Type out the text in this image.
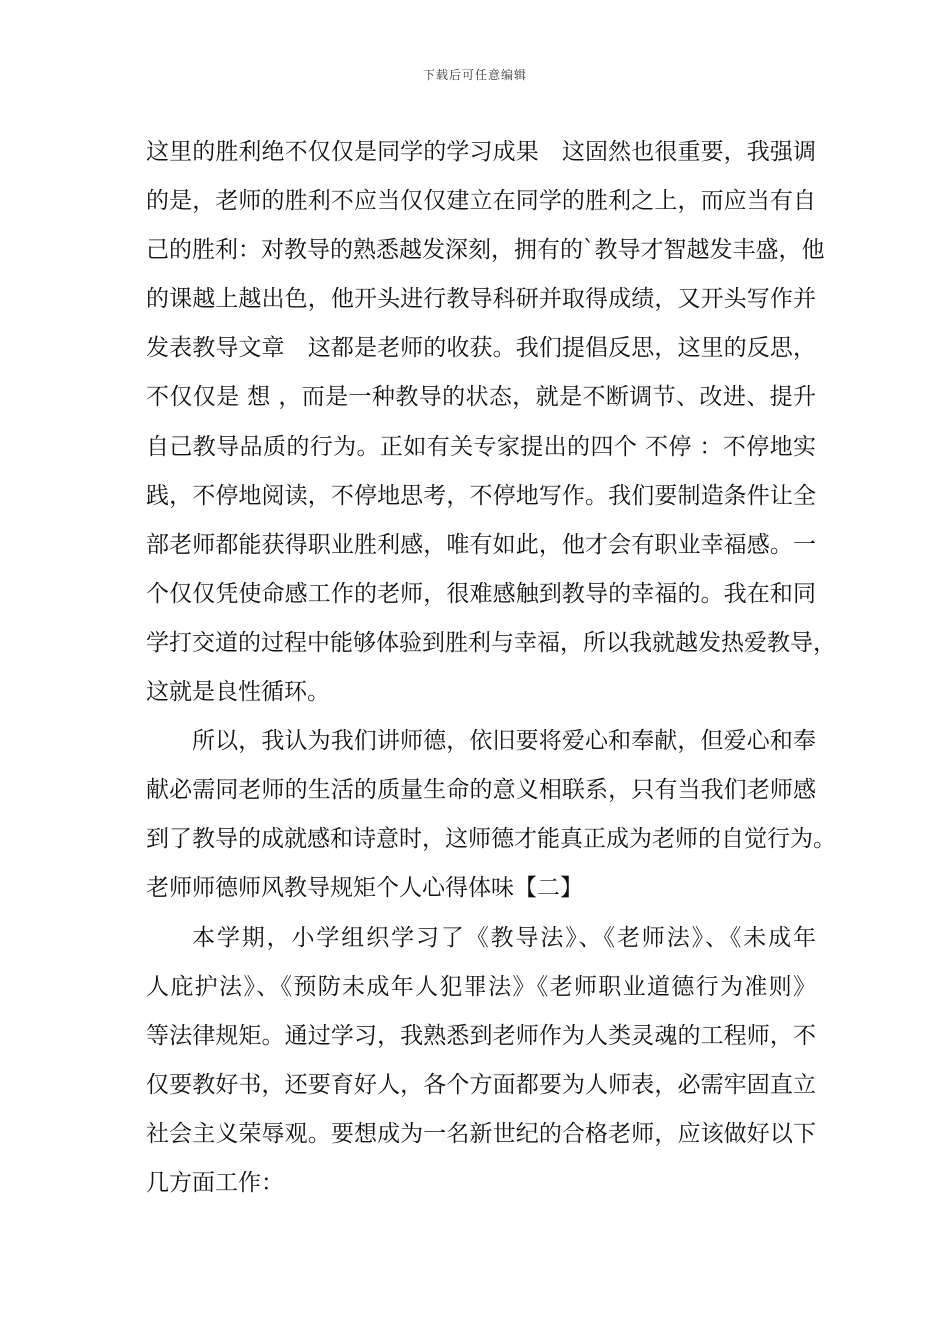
下载后可任意编辑
这里的胜利绝不仅仅是同学的学习成果　这固然也很重要，我强调
的是，老师的胜利不应当仅仅建立在同学的胜利之上，而应当有自
己的胜利：对教导的熟悉越发深刻，拥有的`教导才智越发丰盛，他
的课越上越出色，他开头进行教导科研并取得成绩，又开头写作并
发表教导文章　这都是老师的收获。我们提倡反思，这里的反思，
不仅仅是 想 ，而是一种教导的状态，就是不断调节、改进、提升
自己教导品质的行为。正如有关专家提出的四个 不停 ：不停地实
践，不停地阅读，不停地思考，不停地写作。我们要制造条件让全
部老师都能获得职业胜利感，唯有如此，他才会有职业幸福感。一
个仅仅凭使命感工作的老师，很难感触到教导的幸福的。我在和同
学打交道的过程中能够体验到胜利与幸福，所以我就越发热爱教导，
这就是良性循环。
所以，我认为我们讲师德，依旧要将爱心和奉献，但爱心和奉
献必需同老师的生活的质量生命的意义相联系，只有当我们老师感
到了教导的成就感和诗意时，这师德才能真正成为老师的自觉行为。
老师师德师风教导规矩个人心得体味【二】
本学期，小学组织学习了《教导法》、《老师法》、《未成年
人庇护法》、《预防未成年人犯罪法》《老师职业道德行为准则》
等法律规矩。通过学习，我熟悉到老师作为人类灵魂的工程师，不
仅要教好书，还要育好人，各个方面都要为人师表，必需牢固直立
社会主义荣辱观。要想成为一名新世纪的合格老师，应该做好以下
几方面工作：
